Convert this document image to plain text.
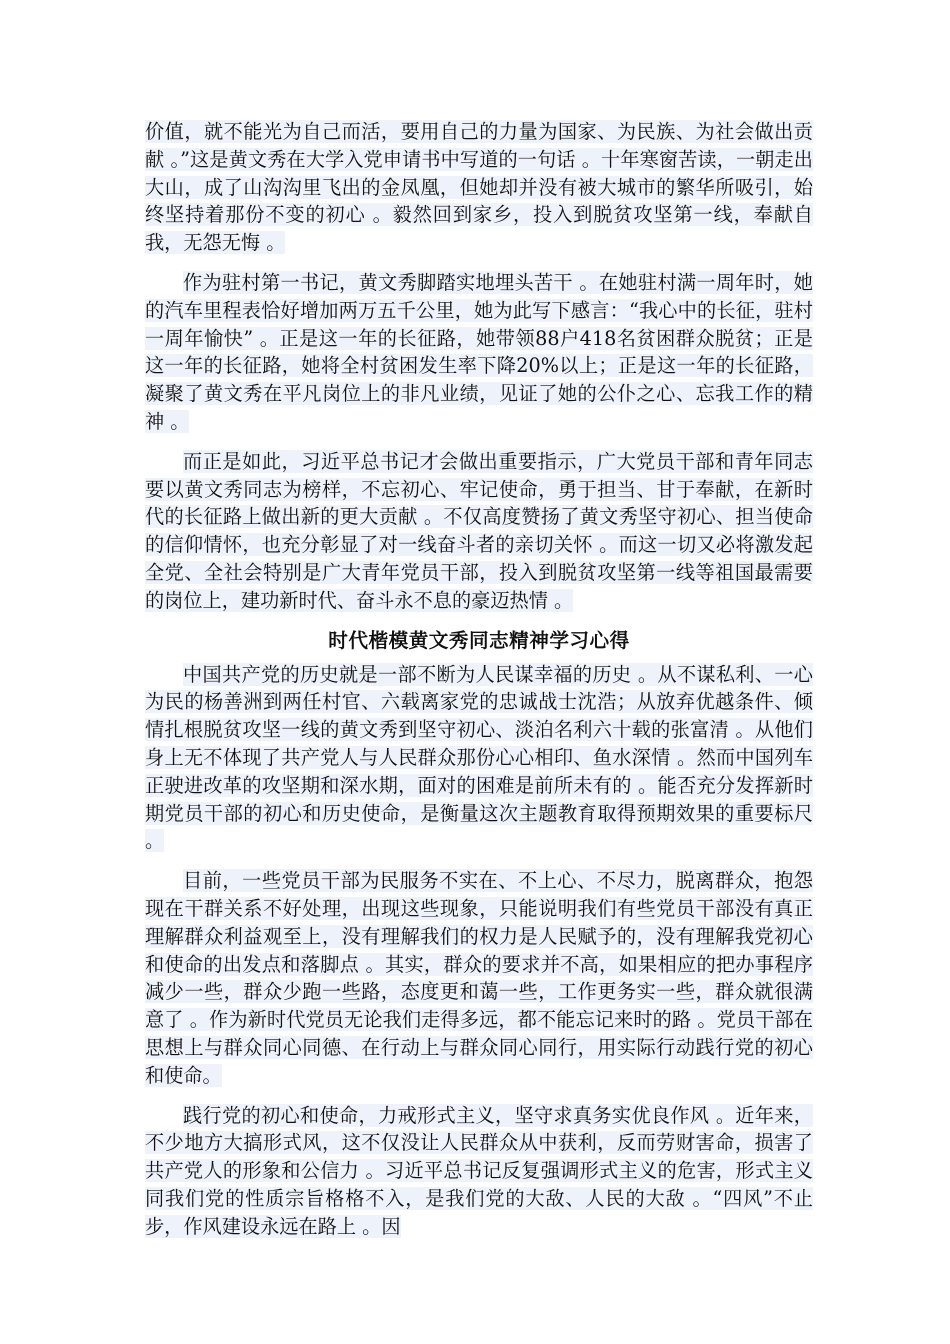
价值，就不能光为自己而活，要用自己的力量为国家、为民族、为社会做出贡献 。”这是黄文秀在大学入党申请书中写道的一句话 。十年寒窗苦读，一朝走出大山，成了山沟沟里飞出的金凤凰，但她却并没有被大城市的繁华所吸引，始终坚持着那份不变的初心 。毅然回到家乡，投入到脱贫攻坚第一线，奉献自我，无怨无悔 。

作为驻村第一书记，黄文秀脚踏实地埋头苦干 。在她驻村满一周年时，她的汽车里程表恰好增加两万五千公里，她为此写下感言：“我心中的长征，驻村一周年愉快” 。正是这一年的长征路，她带领88户418名贫困群众脱贫；正是这一年的长征路，她将全村贫困发生率下降20%以上；正是这一年的长征路，凝聚了黄文秀在平凡岗位上的非凡业绩，见证了她的公仆之心、忘我工作的精神 。

而正是如此，习近平总书记才会做出重要指示，广大党员干部和青年同志要以黄文秀同志为榜样，不忘初心、牢记使命，勇于担当、甘于奉献，在新时代的长征路上做出新的更大贡献 。不仅高度赞扬了黄文秀坚守初心、担当使命的信仰情怀，也充分彰显了对一线奋斗者的亲切关怀 。而这一切又必将激发起全党、全社会特别是广大青年党员干部，投入到脱贫攻坚第一线等祖国最需要的岗位上，建功新时代、奋斗永不息的豪迈热情 。

时代楷模黄文秀同志精神学习心得

中国共产党的历史就是一部不断为人民谋幸福的历史 。从不谋私利、一心为民的杨善洲到两任村官、六载离家党的忠诚战士沈浩；从放弃优越条件、倾情扎根脱贫攻坚一线的黄文秀到坚守初心、淡泊名利六十载的张富清 。从他们身上无不体现了共产党人与人民群众那份心心相印、鱼水深情 。然而中国列车正驶进改革的攻坚期和深水期，面对的困难是前所未有的 。能否充分发挥新时期党员干部的初心和历史使命，是衡量这次主题教育取得预期效果的重要标尺 。

目前，一些党员干部为民服务不实在、不上心、不尽力，脱离群众，抱怨现在干群关系不好处理，出现这些现象，只能说明我们有些党员干部没有真正理解群众利益观至上，没有理解我们的权力是人民赋予的，没有理解我党初心和使命的出发点和落脚点 。其实，群众的要求并不高，如果相应的把办事程序减少一些，群众少跑一些路，态度更和蔼一些，工作更务实一些，群众就很满意了 。作为新时代党员无论我们走得多远，都不能忘记来时的路 。党员干部在思想上与群众同心同德、在行动上与群众同心同行，用实际行动践行党的初心和使命。

践行党的初心和使命，力戒形式主义，坚守求真务实优良作风 。近年来，不少地方大搞形式风，这不仅没让人民群众从中获利，反而劳财害命，损害了共产党人的形象和公信力 。习近平总书记反复强调形式主义的危害，形式主义同我们党的性质宗旨格格不入，是我们党的大敌、人民的大敌 。“四风”不止步，作风建设永远在路上 。因
